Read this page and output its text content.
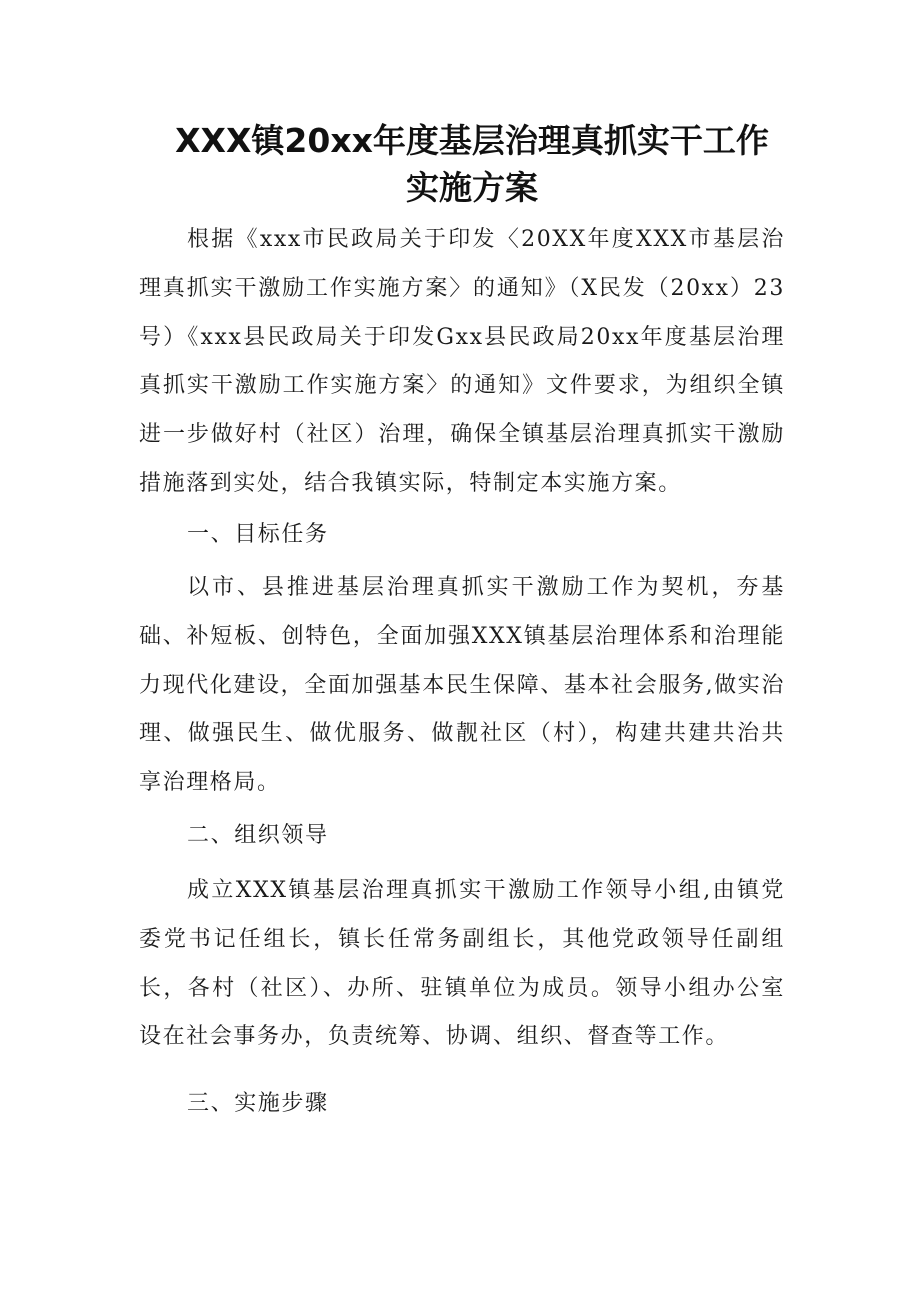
XXX镇20xx年度基层治理真抓实干工作
实施方案

根据《xxx市民政局关于印发〈20XX年度XXX市基层治理真抓实干激励工作实施方案〉的通知》（X民发（20xx）23号）《xxx县民政局关于印发Gxx县民政局20xx年度基层治理真抓实干激励工作实施方案〉的通知》文件要求，为组织全镇进一步做好村（社区）治理，确保全镇基层治理真抓实干激励措施落到实处，结合我镇实际，特制定本实施方案。

一、目标任务

以市、县推进基层治理真抓实干激励工作为契机，夯基础、补短板、创特色，全面加强XXX镇基层治理体系和治理能力现代化建设，全面加强基本民生保障、基本社会服务,做实治理、做强民生、做优服务、做靓社区（村），构建共建共治共享治理格局。

二、组织领导

成立XXX镇基层治理真抓实干激励工作领导小组,由镇党委党书记任组长，镇长任常务副组长，其他党政领导任副组长，各村（社区）、办所、驻镇单位为成员。领导小组办公室设在社会事务办，负责统筹、协调、组织、督查等工作。

三、实施步骤
